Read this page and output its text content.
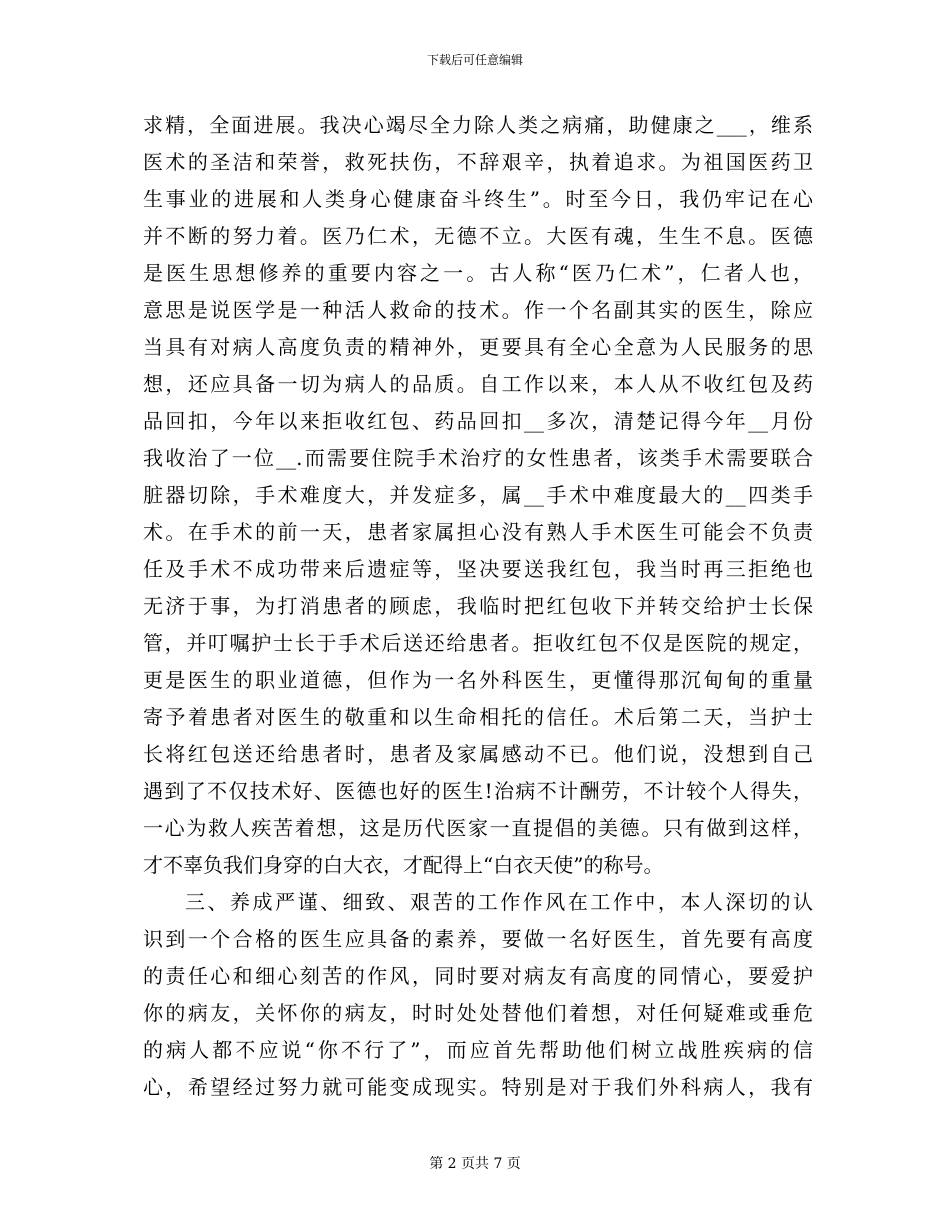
下载后可任意编辑
求精，全面进展。我决心竭尽全力除人类之病痛，助健康之___，维系
医术的圣洁和荣誉，救死扶伤，不辞艰辛，执着追求。为祖国医药卫
生事业的进展和人类身心健康奋斗终生”。时至今日，我仍牢记在心
并不断的努力着。医乃仁术，无德不立。大医有魂，生生不息。医德
是医生思想修养的重要内容之一。古人称“医乃仁术”，仁者人也，
意思是说医学是一种活人救命的技术。作一个名副其实的医生，除应
当具有对病人高度负责的精神外，更要具有全心全意为人民服务的思
想，还应具备一切为病人的品质。自工作以来，本人从不收红包及药
品回扣，今年以来拒收红包、药品回扣__多次，清楚记得今年__月份
我收治了一位__.而需要住院手术治疗的女性患者，该类手术需要联合
脏器切除，手术难度大，并发症多，属__手术中难度最大的__四类手
术。在手术的前一天，患者家属担心没有熟人手术医生可能会不负责
任及手术不成功带来后遗症等，坚决要送我红包，我当时再三拒绝也
无济于事，为打消患者的顾虑，我临时把红包收下并转交给护士长保
管，并叮嘱护士长于手术后送还给患者。拒收红包不仅是医院的规定，
更是医生的职业道德，但作为一名外科医生，更懂得那沉甸甸的重量
寄予着患者对医生的敬重和以生命相托的信任。术后第二天，当护士
长将红包送还给患者时，患者及家属感动不已。他们说，没想到自己
遇到了不仅技术好、医德也好的医生!治病不计酬劳，不计较个人得失，
一心为救人疾苦着想，这是历代医家一直提倡的美德。只有做到这样，
才不辜负我们身穿的白大衣，才配得上“白衣天使”的称号。
三、养成严谨、细致、艰苦的工作作风在工作中，本人深切的认
识到一个合格的医生应具备的素养，要做一名好医生，首先要有高度
的责任心和细心刻苦的作风，同时要对病友有高度的同情心，要爱护
你的病友，关怀你的病友，时时处处替他们着想，对任何疑难或垂危
的病人都不应说“你不行了”，而应首先帮助他们树立战胜疾病的信
心，希望经过努力就可能变成现实。特别是对于我们外科病人，我有
第 2 页共 7 页
